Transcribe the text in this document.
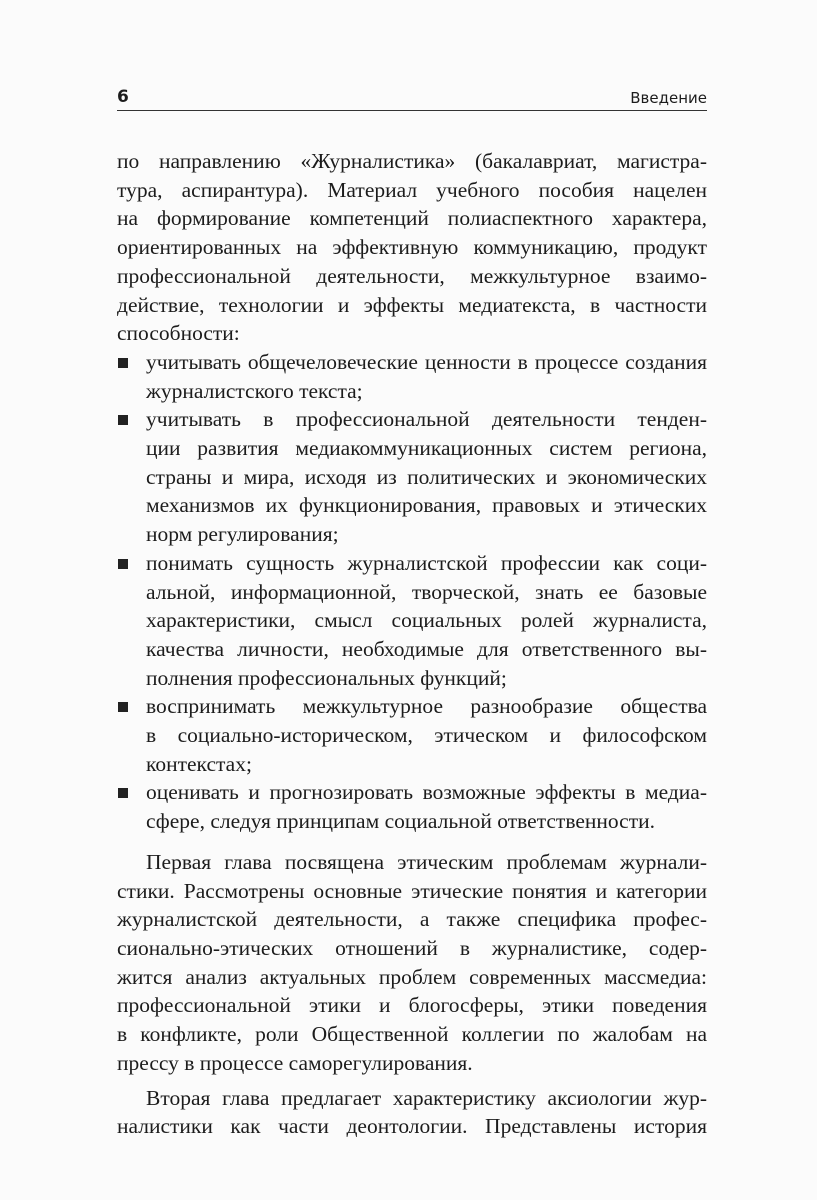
6	Введение
по направлению «Журналистика» (бакалавриат, магистра-
тура, аспирантура). Материал учебного пособия нацелен
на формирование компетенций полиаспектного характера,
ориентированных на эффективную коммуникацию, продукт
профессиональной деятельности, межкультурное взаимо-
действие, технологии и эффекты медиатекста, в частности
способности:
учитывать общечеловеческие ценности в процессе создания
журналистского текста;
учитывать в профессиональной деятельности тенден-
ции развития медиакоммуникационных систем региона,
страны и мира, исходя из политических и экономических
механизмов их функционирования, правовых и этических
норм регулирования;
понимать сущность журналистской профессии как соци-
альной, информационной, творческой, знать ее базовые
характеристики, смысл социальных ролей журналиста,
качества личности, необходимые для ответственного вы-
полнения профессиональных функций;
воспринимать межкультурное разнообразие общества
в социально-историческом, этическом и философском
контекстах;
оценивать и прогнозировать возможные эффекты в медиа-
сфере, следуя принципам социальной ответственности.
Первая глава посвящена этическим проблемам журнали-
стики. Рассмотрены основные этические понятия и категории
журналистской деятельности, а также специфика профес-
сионально-этических отношений в журналистике, содер-
жится анализ актуальных проблем современных массмедиа:
профессиональной этики и блогосферы, этики поведения
в конфликте, роли Общественной коллегии по жалобам на
прессу в процессе саморегулирования.
Вторая глава предлагает характеристику аксиологии жур-
налистики как части деонтологии. Представлены история
